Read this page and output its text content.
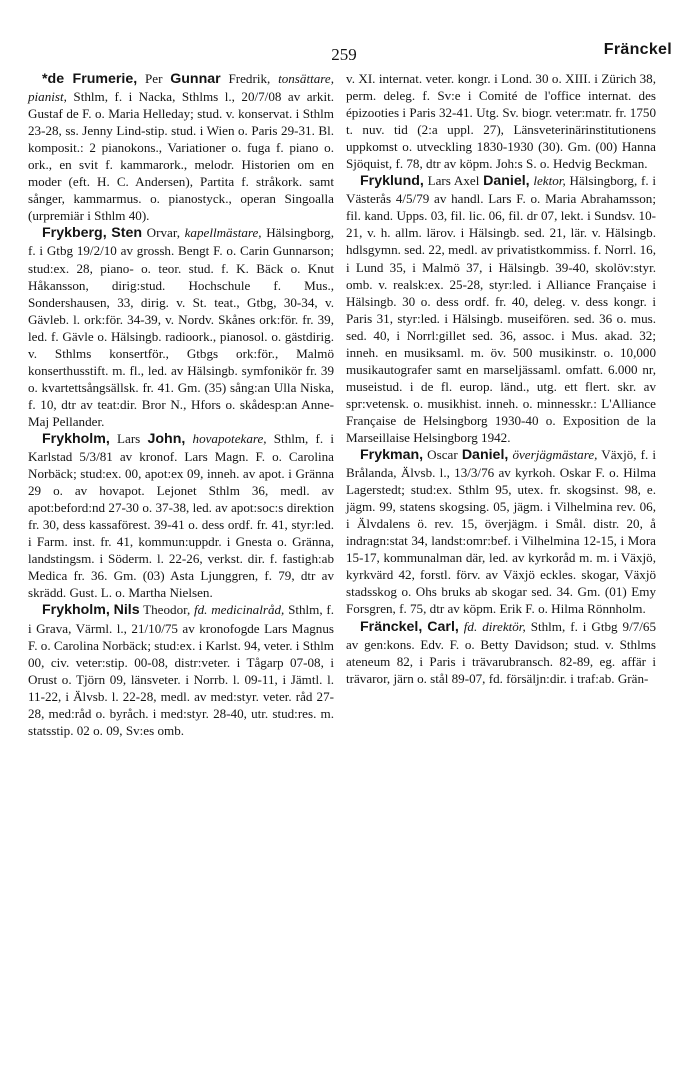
259	Fränckel

*de Frumerie, Per Gunnar Fredrik, tonsättare, pianist, Sthlm, f. i Nacka, Sthlms l., 20/7/08 av arkit. Gustaf de F. o. Maria Helleday; stud. v. konservat. i Sthlm 23-28, ss. Jenny Lind-stip. stud. i Wien o. Paris 29-31. Bl. komposit.: 2 pianokons., Variationer o. fuga f. piano o. ork., en svit f. kammarork., melodr. Historien om en moder (eft. H. C. Andersen), Partita f. stråkork. samt sånger, kammarmus. o. pianostyck., operan Singoalla (urpremiär i Sthlm 40).

Frykberg, Sten Orvar, kapellmästare, Hälsingborg, f. i Gtbg 19/2/10 av grossh. Bengt F. o. Carin Gunnarson; stud:ex. 28, piano- o. teor. stud. f. K. Bäck o. Knut Håkansson, dirig:stud. Hochschule f. Mus., Sondershausen, 33, dirig. v. St. teat., Gtbg, 30-34, v. Gävleb. l. ork:för. 34-39, v. Nordv. Skånes ork:för. fr. 39, led. f. Gävle o. Hälsingb. radioork., pianosol. o. gästdirig. v. Sthlms konsertför., Gtbgs ork:för., Malmö konserthusstift. m. fl., led. av Hälsingb. symfonikör fr. 39 o. kvartettsångsällsk. fr. 41. Gm. (35) sång:an Ulla Niska, f. 10, dtr av teat:dir. Bror N., Hfors o. skådesp:an Anne-Maj Pellander.

Frykholm, Lars John, hovapotekare, Sthlm, f. i Karlstad 5/3/81 av kronof. Lars Magn. F. o. Carolina Norbäck; stud:ex. 00, apot:ex 09, inneh. av apot. i Gränna 29 o. av hovapot. Lejonet Sthlm 36, medl. av apot:beford:nd 27-30 o. 37-38, led. av apot:soc:s direktion fr. 30, dess kassaförest. 39-41 o. dess ordf. fr. 41, styr:led. i Farm. inst. fr. 41, kommun:uppdr. i Gnesta o. Gränna, landstingsm. i Söderm. l. 22-26, verkst. dir. f. fastigh:ab Medica fr. 36. Gm. (03) Asta Ljunggren, f. 79, dtr av skrädd. Gust. L. o. Martha Nielsen.

Frykholm, Nils Theodor, fd. medicinalråd, Sthlm, f. i Grava, Värml. l., 21/10/75 av kronofogde Lars Magnus F. o. Carolina Norbäck; stud:ex. i Karlst. 94, veter. i Sthlm 00, civ. veter:stip. 00-08, distr:veter. i Tågarp 07-08, i Orust o. Tjörn 09, länsveter. i Norrb. l. 09-11, i Jämtl. l. 11-22, i Älvsb. l. 22-28, medl. av med:styr. veter. råd 27-28, med:råd o. byråch. i med:styr. 28-40, utr. stud:res. m. statsstip. 02 o. 09, Sv:es omb.

v. XI. internat. veter. kongr. i Lond. 30 o. XIII. i Zürich 38, perm. deleg. f. Sv:e i Comité de l'office internat. des épizooties i Paris 32-41. Utg. Sv. biogr. veter:matr. fr. 1750 t. nuv. tid (2:a uppl. 27), Länsveterinärinstitutionens uppkomst o. utveckling 1830-1930 (30). Gm. (00) Hanna Sjöquist, f. 78, dtr av köpm. Joh:s S. o. Hedvig Beckman.

Fryklund, Lars Axel Daniel, lektor, Hälsingborg, f. i Västerås 4/5/79 av handl. Lars F. o. Maria Abrahamsson; fil. kand. Upps. 03, fil. lic. 06, fil. dr 07, lekt. i Sundsv. 10-21, v. h. allm. lärov. i Hälsingb. sed. 21, lär. v. Hälsingb. hdlsgymn. sed. 22, medl. av privatistkommiss. f. Norrl. 16, i Lund 35, i Malmö 37, i Hälsingb. 39-40, skolöv:styr. omb. v. realsk:ex. 25-28, styr:led. i Alliance Française i Hälsingb. 30 o. dess ordf. fr. 40, deleg. v. dess kongr. i Paris 31, styr:led. i Hälsingb. museifören. sed. 36 o. mus. sed. 40, i Norrl:gillet sed. 36, assoc. i Mus. akad. 32; inneh. en musiksaml. m. öv. 500 musikinstr. o. 10,000 musikautografer samt en marseljässaml. omfatt. 6.000 nr, museistud. i de fl. europ. länd., utg. ett flert. skr. av spr:vetensk. o. musikhist. inneh. o. minnesskr.: L'Alliance Française de Helsingborg 1930-40 o. Exposition de la Marseillaise Helsingborg 1942.

Frykman, Oscar Daniel, överjägmästare, Växjö, f. i Brålanda, Älvsb. l., 13/3/76 av kyrkoh. Oskar F. o. Hilma Lagerstedt; stud:ex. Sthlm 95, utex. fr. skogsinst. 98, e. jägm. 99, statens skogsing. 05, jägm. i Vilhelmina rev. 06, i Älvdalens ö. rev. 15, överjägm. i Smål. distr. 20, å indragn:stat 34, landst:omr:bef. i Vilhelmina 12-15, i Mora 15-17, kommunalman där, led. av kyrkoråd m. m. i Växjö, kyrkvärd 42, forstl. förv. av Växjö eckles. skogar, Växjö stadsskog o. Ohs bruks ab skogar sed. 34. Gm. (01) Emy Forsgren, f. 75, dtr av köpm. Erik F. o. Hilma Rönnholm.

Fränckel, Carl, fd. direktör, Sthlm, f. i Gtbg 9/7/65 av gen:kons. Edv. F. o. Betty Davidson; stud. v. Sthlms ateneum 82, i Paris i trävarubransch. 82-89, eg. affär i trävaror, järn o. stål 89-07, fd. försäljn:dir. i traf:ab. Grän-
